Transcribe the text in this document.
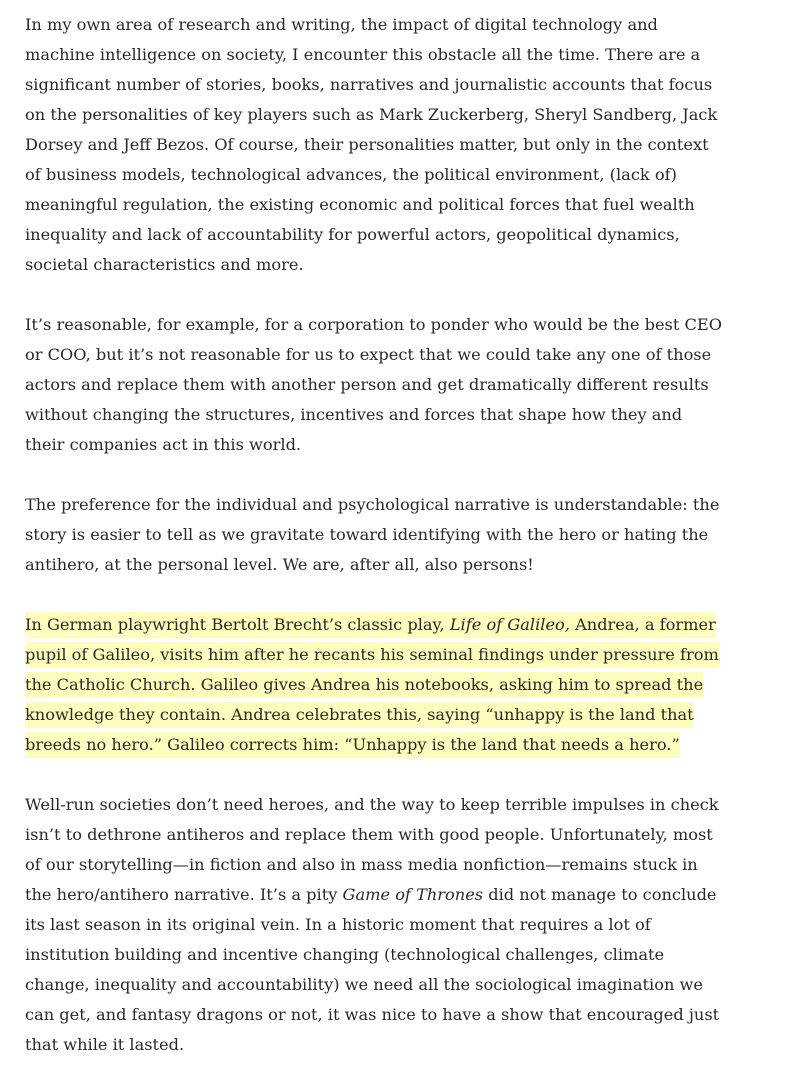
In my own area of research and writing, the impact of digital technology and machine intelligence on society, I encounter this obstacle all the time. There are a significant number of stories, books, narratives and journalistic accounts that focus on the personalities of key players such as Mark Zuckerberg, Sheryl Sandberg, Jack Dorsey and Jeff Bezos. Of course, their personalities matter, but only in the context of business models, technological advances, the political environment, (lack of) meaningful regulation, the existing economic and political forces that fuel wealth inequality and lack of accountability for powerful actors, geopolitical dynamics, societal characteristics and more.

It’s reasonable, for example, for a corporation to ponder who would be the best CEO or COO, but it’s not reasonable for us to expect that we could take any one of those actors and replace them with another person and get dramatically different results without changing the structures, incentives and forces that shape how they and their companies act in this world.

The preference for the individual and psychological narrative is understandable: the story is easier to tell as we gravitate toward identifying with the hero or hating the antihero, at the personal level. We are, after all, also persons!

In German playwright Bertolt Brecht’s classic play, Life of Galileo, Andrea, a former pupil of Galileo, visits him after he recants his seminal findings under pressure from the Catholic Church. Galileo gives Andrea his notebooks, asking him to spread the knowledge they contain. Andrea celebrates this, saying “unhappy is the land that breeds no hero.” Galileo corrects him: “Unhappy is the land that needs a hero.”

Well-run societies don’t need heroes, and the way to keep terrible impulses in check isn’t to dethrone antiheros and replace them with good people. Unfortunately, most of our storytelling—in fiction and also in mass media nonfiction—remains stuck in the hero/antihero narrative. It’s a pity Game of Thrones did not manage to conclude its last season in its original vein. In a historic moment that requires a lot of institution building and incentive changing (technological challenges, climate change, inequality and accountability) we need all the sociological imagination we can get, and fantasy dragons or not, it was nice to have a show that encouraged just that while it lasted.
